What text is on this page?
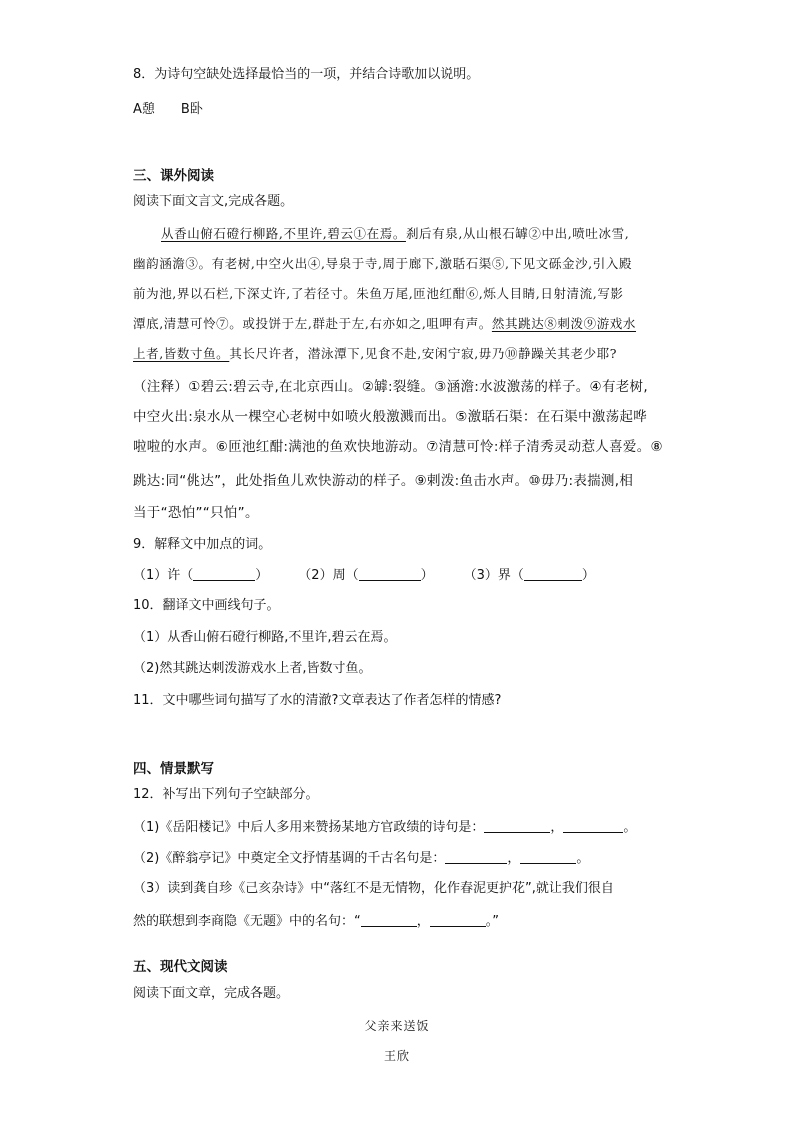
8．为诗句空缺处选择最恰当的一项，并结合诗歌加以说明。
A憩 B卧
三、课外阅读
阅读下面文言文,完成各题。
从香山俯石磴行柳路,不里许,碧云①在焉。刹后有泉,从山根石罅②中出,喷吐冰雪,
幽韵涵澹③。有老树,中空火出④,导泉于寺,周于廊下,激聒石渠⑤,下见文砾金沙,引入殿
前为池,界以石栏,下深丈许,了若径寸。朱鱼万尾,匝池红酣⑥,烁人目睛,日射清流,写影
潭底,清慧可怜⑦。或投饼于左,群赴于左,右亦如之,咀呷有声。然其跳达⑧刺泼⑨游戏水
上者,皆数寸鱼。其长尺许者，潜泳潭下,见食不赴,安闲宁寂,毋乃⑩静躁关其老少耶?
（注释）①碧云:碧云寺,在北京西山。②罅:裂缝。③涵澹:水波激荡的样子。④有老树,
中空火出:泉水从一棵空心老树中如喷火般激溅而出。⑤激聒石渠：在石渠中激荡起哗
啦啦的水声。⑥匝池红酣:满池的鱼欢快地游动。⑦清慧可怜:样子清秀灵动惹人喜爱。⑧
跳达:同“佻达”，此处指鱼儿欢快游动的样子。⑨剌泼:鱼击水声。⑩毋乃:表揣测,相
当于“恐怕”“只怕”。
9．解释文中加点的词。
（1）许（	） （2）周（	） （3）界（	）
10．翻译文中画线句子。
（1）从香山俯石磴行柳路,不里许,碧云在焉。
（2)然其跳达刺泼游戏水上者,皆数寸鱼。
11．文中哪些词句描写了水的清澈?文章表达了作者怎样的情感?
四、情景默写
12．补写出下列句子空缺部分。
（1)《岳阳楼记》中后人多用来赞扬某地方官政绩的诗句是：	，	。
（2)《醉翁亭记》中奠定全文抒情基调的千古名句是：	，	。
（3）读到龚自珍《己亥杂诗》中“落红不是无情物，化作春泥更护花”,就让我们很自
然的联想到李商隐《无题》中的名句：“	，	。”
五、现代文阅读
阅读下面文章，完成各题。
父亲来送饭
王欣
